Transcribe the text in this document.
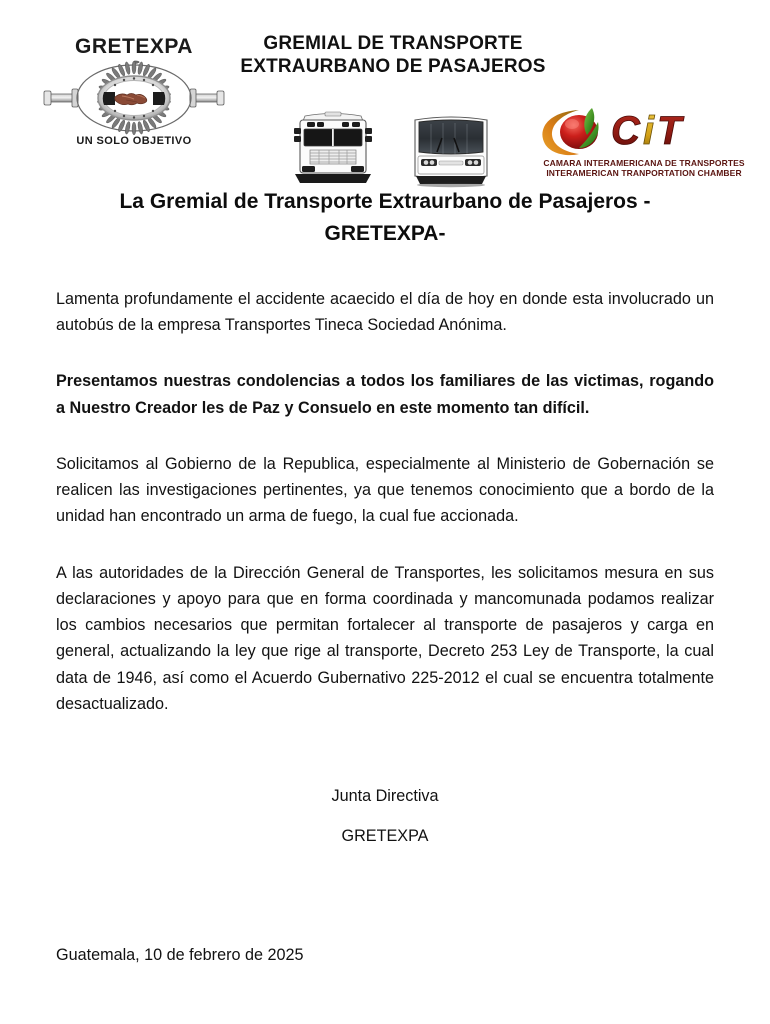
GRETEXPA
UN SOLO OBJETIVO
GREMIAL DE TRANSPORTE
EXTRAURBANO DE PASAJEROS
C i T
CAMARA INTERAMERICANA DE TRANSPORTES
INTERAMERICAN TRANPORTATION CHAMBER
La Gremial de Transporte Extraurbano de Pasajeros -
GRETEXPA-

Lamenta profundamente el accidente acaecido el día de hoy en donde esta involucrado un autobús de la empresa Transportes Tineca Sociedad Anónima.

Presentamos nuestras condolencias a todos los familiares de las victimas, rogando a Nuestro Creador les de Paz y Consuelo en este momento tan difícil.

Solicitamos al Gobierno de la Republica, especialmente al Ministerio de Gobernación se realicen las investigaciones pertinentes, ya que tenemos conocimiento que a bordo de la unidad han encontrado un arma de fuego, la cual fue accionada.

A las autoridades de la Dirección General de Transportes, les solicitamos mesura en sus declaraciones y apoyo para que en forma coordinada y mancomunada podamos realizar los cambios necesarios que permitan fortalecer al transporte de pasajeros y carga en general, actualizando la ley que rige al transporte, Decreto 253 Ley de Transporte, la cual data de 1946, así como el Acuerdo Gubernativo 225-2012 el cual se encuentra totalmente desactualizado.

Junta Directiva
GRETEXPA
Guatemala, 10 de febrero de 2025
